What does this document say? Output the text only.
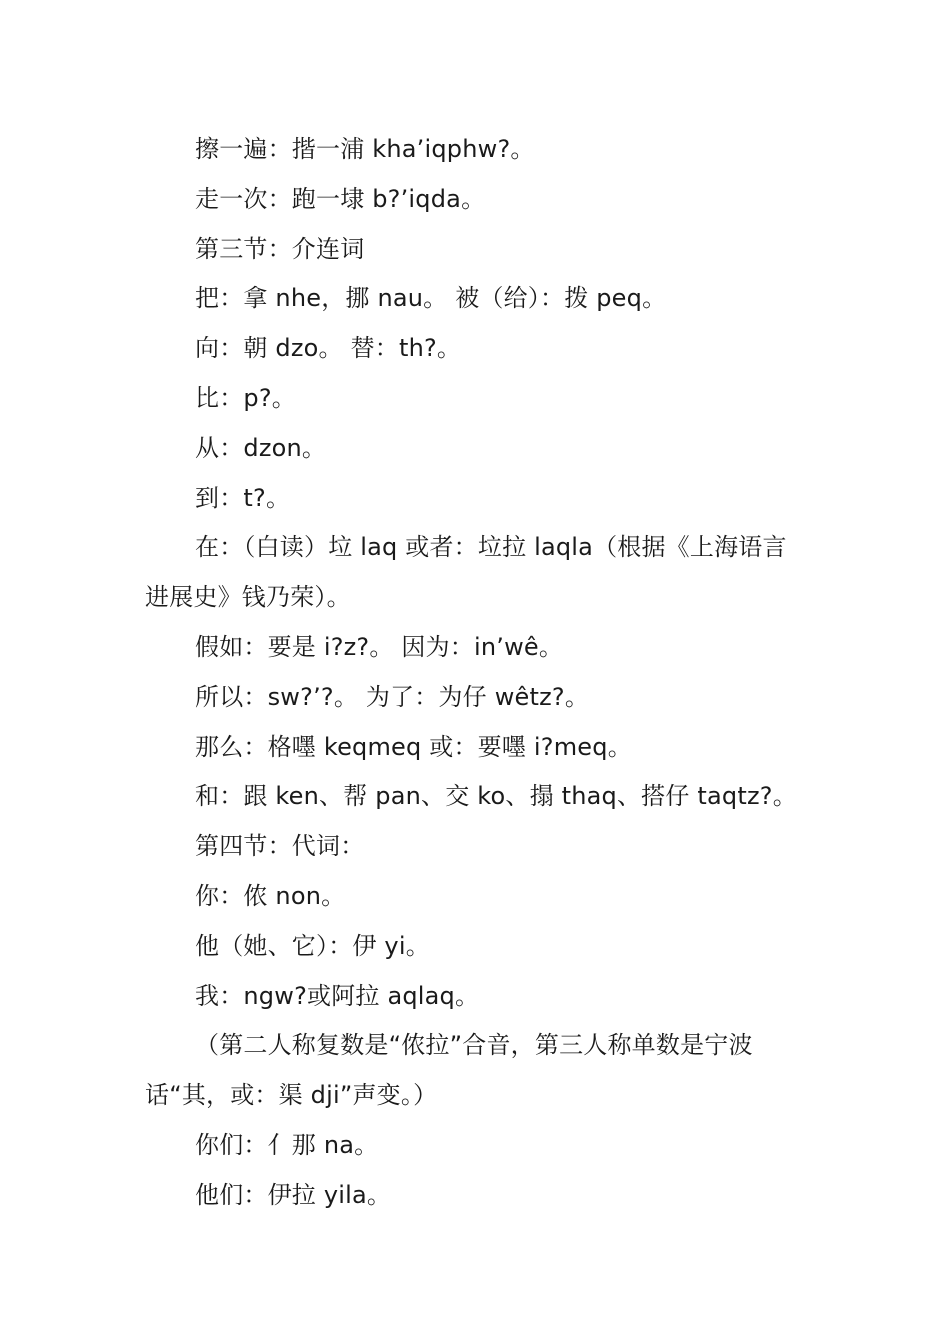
擦一遍：揩一浦 kha’iqphw?。

走一次：跑一埭 b?’iqda。

第三节：介连词

把：拿 nhe，挪 nau。 被（给）：拨 peq。

向：朝 dzo。 替：th?。

比：p?。

从：dzon。

到：t?。

在：（白读）垃 laq 或者：垃拉 laqla（根据《上海语言进展史》钱乃荣）。

假如：要是 i?z?。 因为：in’wê。

所以：sw?’?。 为了：为仔 wêtz?。

那么：格嚜 keqmeq 或：要嚜 i?meq。

和：跟 ken、帮 pan、交 ko、搨 thaq、搭仔 taqtz?。

第四节：代词：

你：侬 non。

他（她、它）：伊 yi。

我：ngw?或阿拉 aqlaq。

（第二人称复数是“侬拉”合音，第三人称单数是宁波话“其，或：渠 dji”声变。）

你们：亻那 na。

他们：伊拉 yila。
